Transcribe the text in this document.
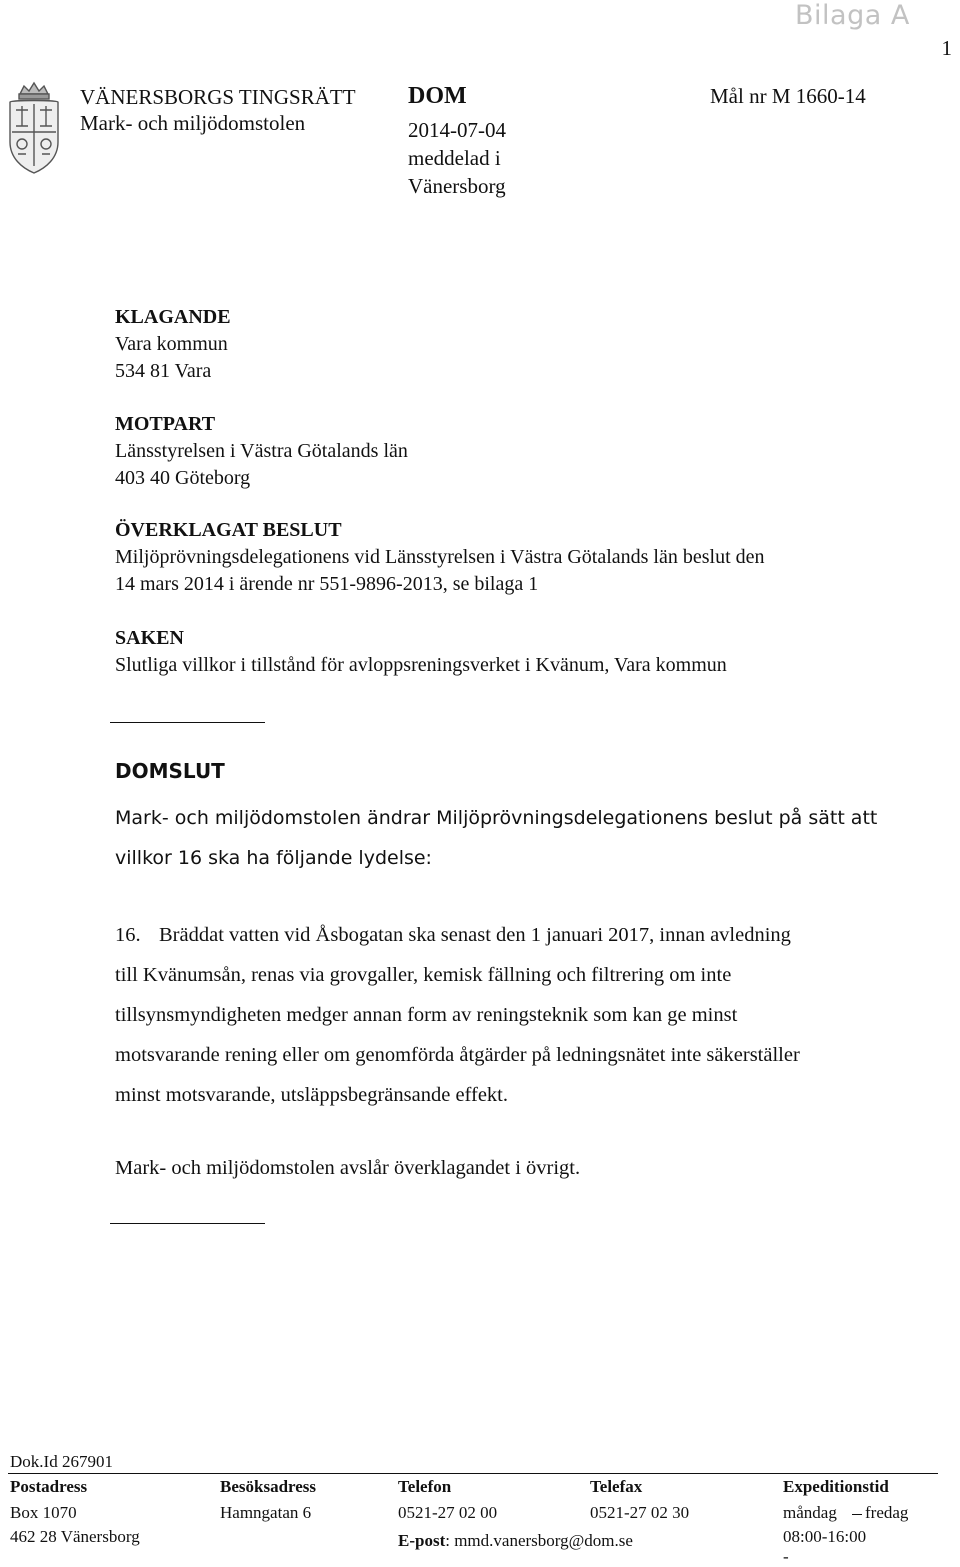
Bilaga A
1
VÄNERSBORGS TINGSRÄTT
Mark- och miljödomstolen
DOM
2014-07-04
meddelad i
Vänersborg
Mål nr M 1660-14
KLAGANDE
Vara kommun
534 81 Vara
MOTPART
Länsstyrelsen i Västra Götalands län
403 40 Göteborg
ÖVERKLAGAT BESLUT
Miljöprövningsdelegationens vid Länsstyrelsen i Västra Götalands län beslut den
14 mars 2014 i ärende nr 551-9896-2013, se bilaga 1
SAKEN
Slutliga villkor i tillstånd för avloppsreningsverket i Kvänum, Vara kommun
DOMSLUT
Mark- och miljödomstolen ändrar Miljöprövningsdelegationens beslut på sätt att
villkor 16 ska ha följande lydelse:
16. Bräddat vatten vid Åsbogatan ska senast den 1 januari 2017, innan avledning
till Kvänumsån, renas via grovgaller, kemisk fällning och filtrering om inte
tillsynsmyndigheten medger annan form av reningsteknik som kan ge minst
motsvarande rening eller om genomförda åtgärder på ledningsnätet inte säkerställer
minst motsvarande, utsläppsbegränsande effekt.
Mark- och miljödomstolen avslår överklagandet i övrigt.
Dok.Id 267901
Postadress
Box 1070
462 28 Vänersborg
Besöksadress
Hamngatan 6
Telefon
0521-27 02 00
E-post: mmd.vanersborg@dom.se
Telefax
0521-27 02 30
Expeditionstid
måndag fredag
08:00-16:00
-
